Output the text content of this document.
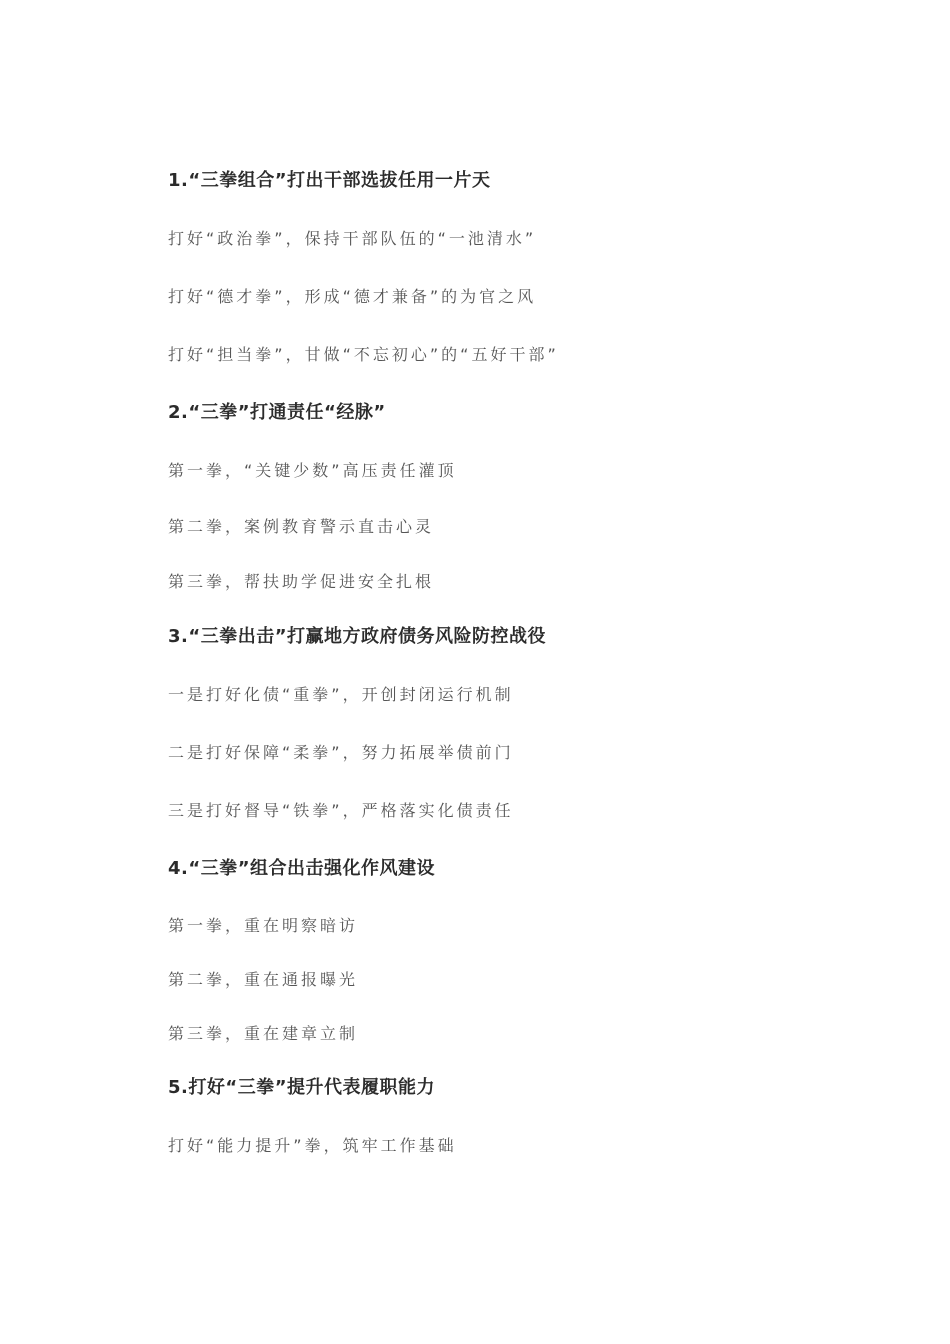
1.“三拳组合”打出干部选拔任用一片天
打好“政治拳”，保持干部队伍的“一池清水”
打好“德才拳”，形成“德才兼备”的为官之风
打好“担当拳”，甘做“不忘初心”的“五好干部”
2.“三拳”打通责任“经脉”
第一拳，“关键少数”高压责任灌顶
第二拳，案例教育警示直击心灵
第三拳，帮扶助学促进安全扎根
3.“三拳出击”打赢地方政府债务风险防控战役
一是打好化债“重拳”，开创封闭运行机制
二是打好保障“柔拳”，努力拓展举债前门
三是打好督导“铁拳”，严格落实化债责任
4.“三拳”组合出击强化作风建设
第一拳，重在明察暗访
第二拳，重在通报曝光
第三拳，重在建章立制
5.打好“三拳”提升代表履职能力
打好“能力提升”拳，筑牢工作基础
